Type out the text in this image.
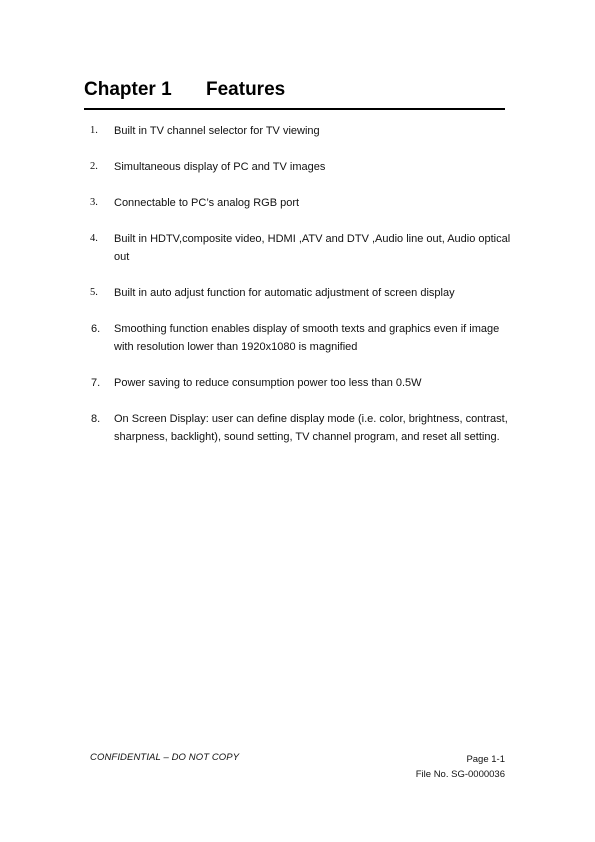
Chapter 1 Features
1. Built in TV channel selector for TV viewing
2. Simultaneous display of PC and TV images
3. Connectable to PC’s analog RGB port
4. Built in HDTV,composite video, HDMI ,ATV and DTV ,Audio line out, Audio optical out
5. Built in auto adjust function for automatic adjustment of screen display
6. Smoothing function enables display of smooth texts and graphics even if image with resolution lower than 1920x1080 is magnified
7. Power saving to reduce consumption power too less than 0.5W
8. On Screen Display: user can define display mode (i.e. color, brightness, contrast, sharpness, backlight), sound setting, TV channel program, and reset all setting.
CONFIDENTIAL – DO NOT COPY	Page 1-1
File No. SG-0000036
